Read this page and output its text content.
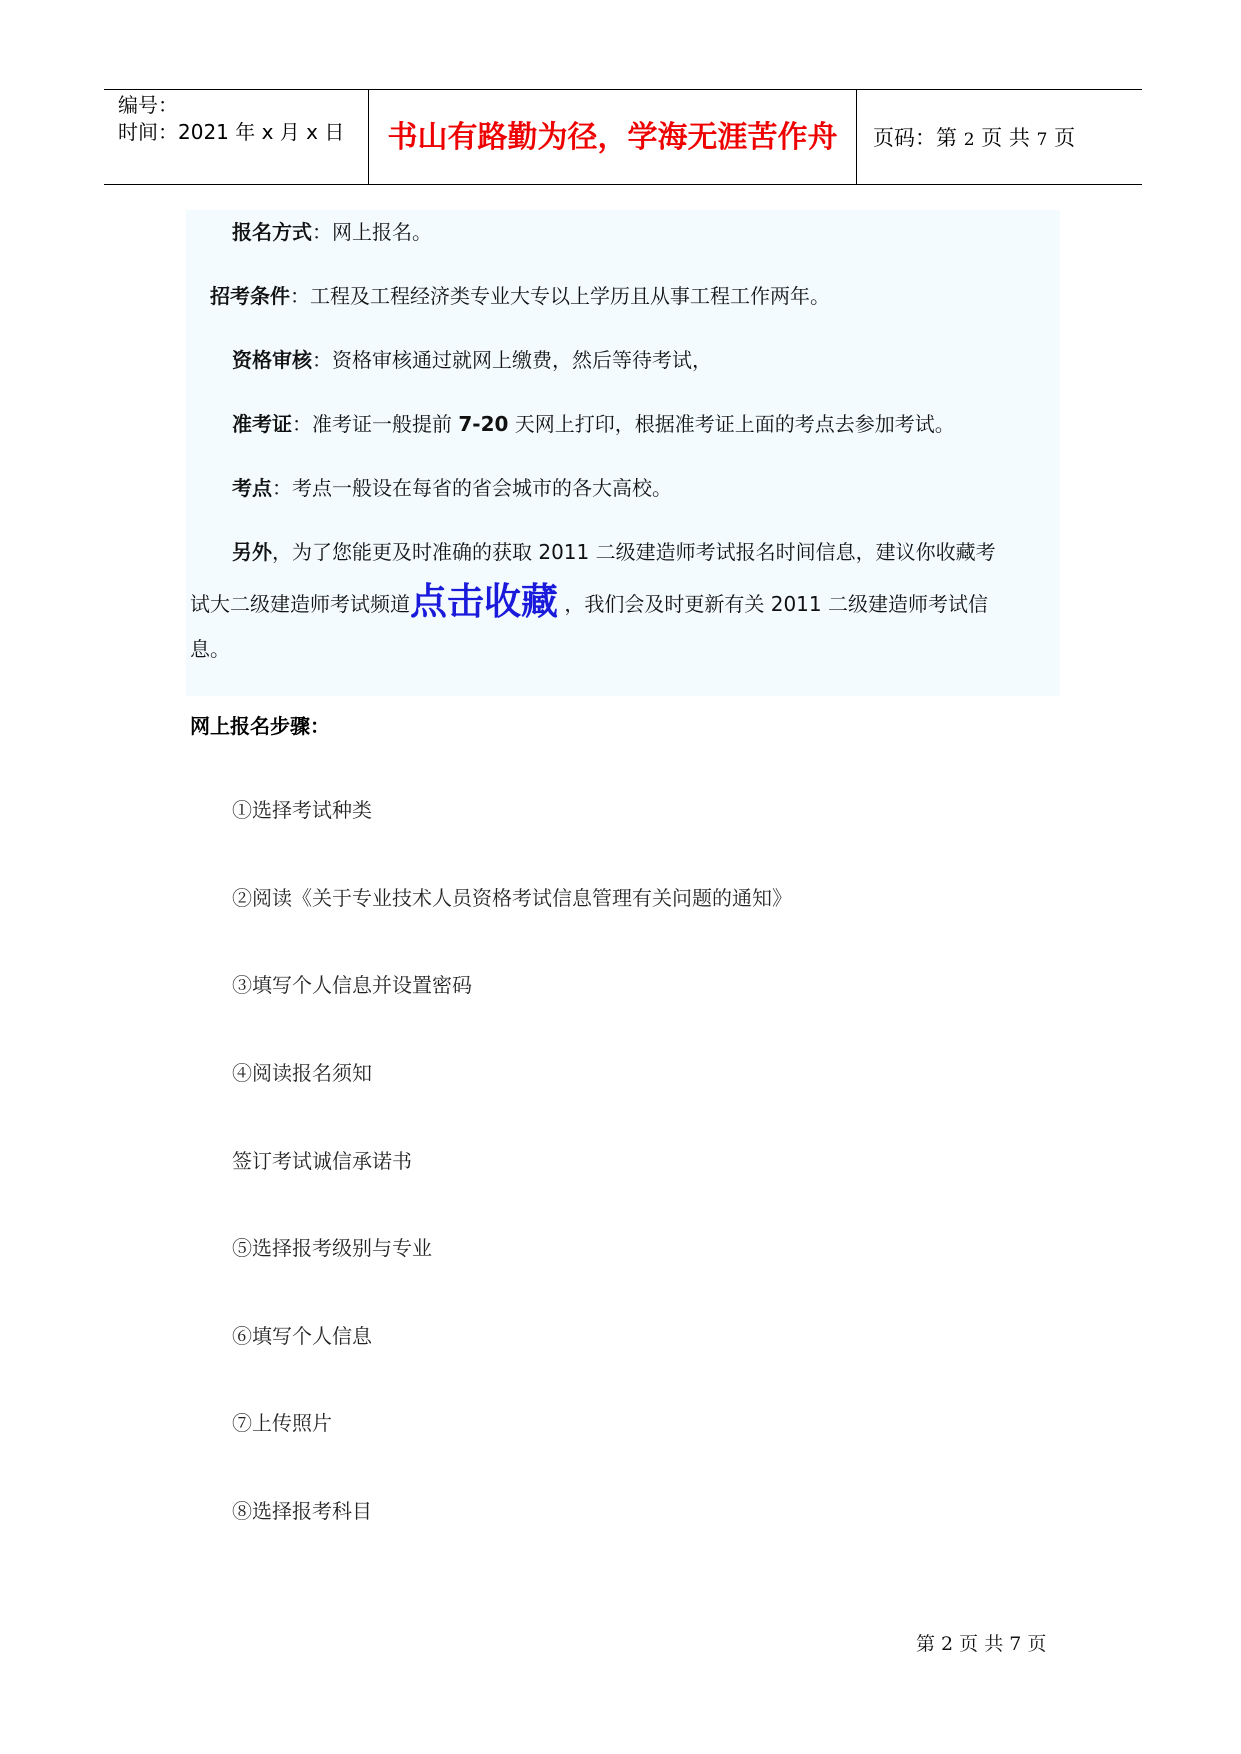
编号：
时间：2021 年 x 月 x 日	书山有路勤为径，学海无涯苦作舟	页码：第 2 页 共 7 页
报名方式：网上报名。
招考条件：工程及工程经济类专业大专以上学历且从事工程工作两年。
资格审核：资格审核通过就网上缴费，然后等待考试，
准考证：准考证一般提前 7-20 天网上打印，根据准考证上面的考点去参加考试。
考点：考点一般设在每省的省会城市的各大高校。
另外，为了您能更及时准确的获取 2011 二级建造师考试报名时间信息，建议你收藏考
试大二级建造师考试频道点击收藏 ，我们会及时更新有关 2011 二级建造师考试信
息。
网上报名步骤：
①选择考试种类
②阅读《关于专业技术人员资格考试信息管理有关问题的通知》
③填写个人信息并设置密码
④阅读报名须知
签订考试诚信承诺书
⑤选择报考级别与专业
⑥填写个人信息
⑦上传照片
⑧选择报考科目
第 2 页 共 7 页
